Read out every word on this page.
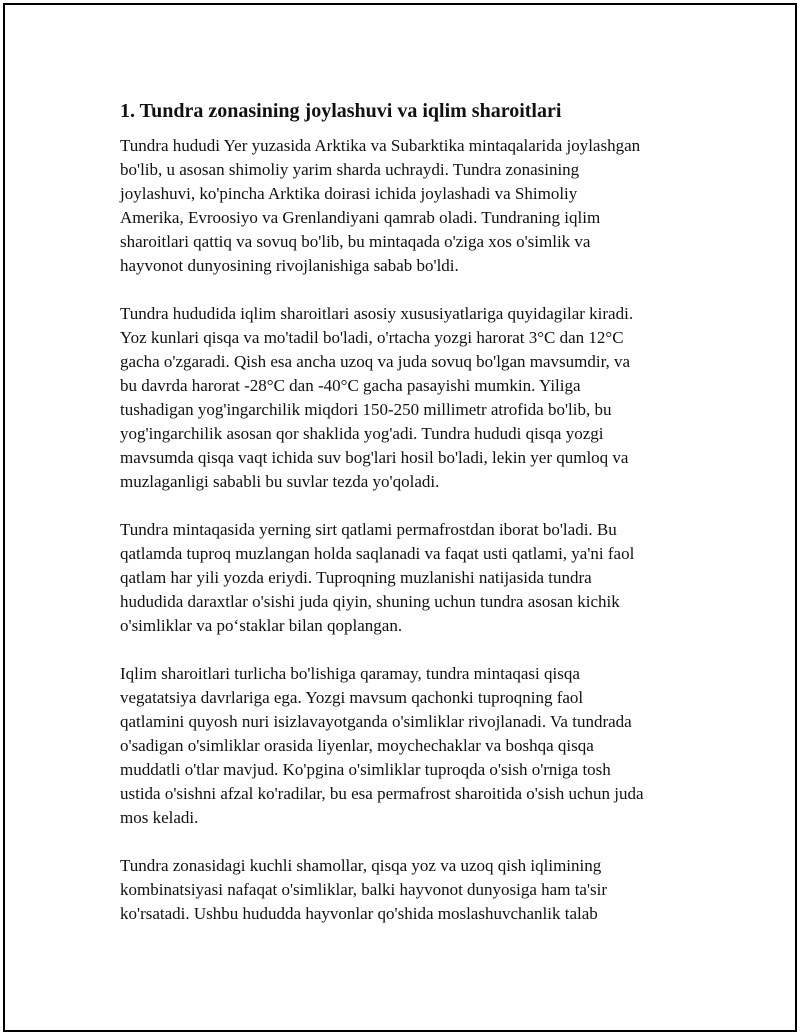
1. Tundra zonasining joylashuvi va iqlim sharoitlari

Tundra hududi Yer yuzasida Arktika va Subarktika mintaqalarida joylashgan
bo'lib, u asosan shimoliy yarim sharda uchraydi. Tundra zonasining
joylashuvi, ko'pincha Arktika doirasi ichida joylashadi va Shimoliy
Amerika, Evroosiyo va Grenlandiyani qamrab oladi. Tundraning iqlim
sharoitlari qattiq va sovuq bo'lib, bu mintaqada o'ziga xos o'simlik va
hayvonot dunyosining rivojlanishiga sabab bo'ldi.

Tundra hududida iqlim sharoitlari asosiy xususiyatlariga quyidagilar kiradi.
Yoz kunlari qisqa va mo'tadil bo'ladi, o'rtacha yozgi harorat 3°C dan 12°C
gacha o'zgaradi. Qish esa ancha uzoq va juda sovuq bo'lgan mavsumdir, va
bu davrda harorat -28°C dan -40°C gacha pasayishi mumkin. Yiliga
tushadigan yog'ingarchilik miqdori 150-250 millimetr atrofida bo'lib, bu
yog'ingarchilik asosan qor shaklida yog'adi. Tundra hududi qisqa yozgi
mavsumda qisqa vaqt ichida suv bog'lari hosil bo'ladi, lekin yer qumloq va
muzlaganligi sababli bu suvlar tezda yo'qoladi.

Tundra mintaqasida yerning sirt qatlami permafrostdan iborat bo'ladi. Bu
qatlamda tuproq muzlangan holda saqlanadi va faqat usti qatlami, ya'ni faol
qatlam har yili yozda eriydi. Tuproqning muzlanishi natijasida tundra
hududida daraxtlar o'sishi juda qiyin, shuning uchun tundra asosan kichik
o'simliklar va po‘staklar bilan qoplangan.

Iqlim sharoitlari turlicha bo'lishiga qaramay, tundra mintaqasi qisqa
vegatatsiya davrlariga ega. Yozgi mavsum qachonki tuproqning faol
qatlamini quyosh nuri isizlavayotganda o'simliklar rivojlanadi. Va tundrada
o'sadigan o'simliklar orasida liyenlar, moychechaklar va boshqa qisqa
muddatli o'tlar mavjud. Ko'pgina o'simliklar tuproqda o'sish o'rniga tosh
ustida o'sishni afzal ko'radilar, bu esa permafrost sharoitida o'sish uchun juda
mos keladi.

Tundra zonasidagi kuchli shamollar, qisqa yoz va uzoq qish iqlimining
kombinatsiyasi nafaqat o'simliklar, balki hayvonot dunyosiga ham ta'sir
ko'rsatadi. Ushbu hududda hayvonlar qo'shida moslashuvchanlik talab
